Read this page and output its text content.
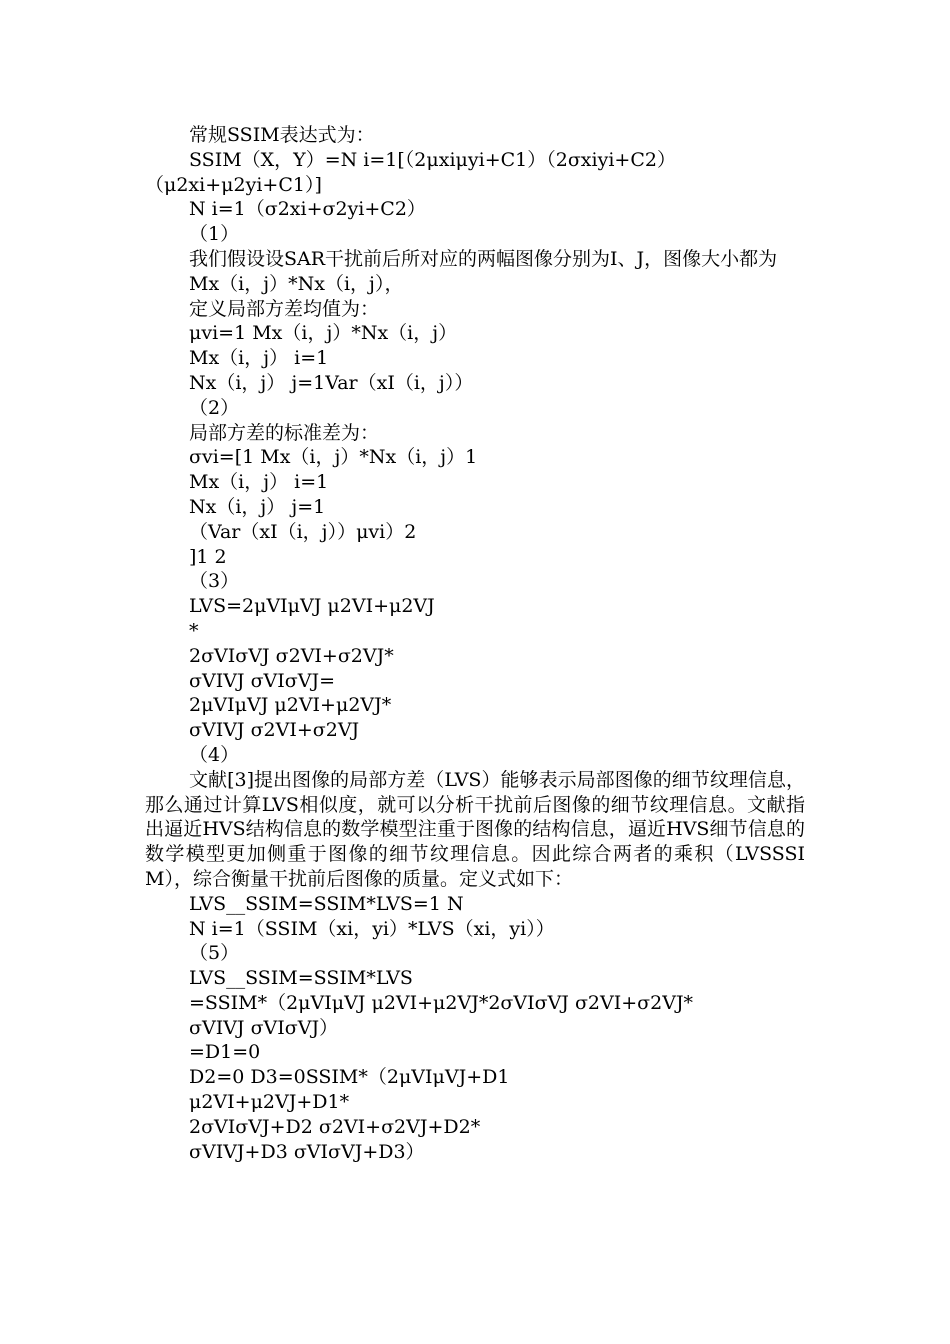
常规SSIM表达式为：
SSIM（X，Y）=N i=1[（2μxiμyi+C1）（2σxiyi+C2）
（μ2xi+μ2yi+C1）]
N i=1（σ2xi+σ2yi+C2）
（1）
我们假设设SAR干扰前后所对应的两幅图像分别为I、J，图像大小都为
Mx（i，j）*Nx（i，j），
定义局部方差均值为：
μvi=1 Mx（i，j）*Nx（i，j）
Mx（i，j） i=1
Nx（i，j） j=1Var（xI（i，j））
（2）
局部方差的标准差为：
σvi=[1 Mx（i，j）*Nx（i，j）1
Mx（i，j） i=1
Nx（i，j） j=1
（Var（xI（i，j））μvi）2
]1 2
（3）
LVS=2μVIμVJ μ2VI+μ2VJ
*
2σVIσVJ σ2VI+σ2VJ*
σVIVJ σVIσVJ=
2μVIμVJ μ2VI+μ2VJ*
σVIVJ σ2VI+σ2VJ
（4）
文献[3]提出图像的局部方差（LVS）能够表示局部图像的细节纹理信息，那么通过计算LVS相似度，就可以分析干扰前后图像的细节纹理信息。文献指出逼近HVS结构信息的数学模型注重于图像的结构信息，逼近HVS细节信息的数学模型更加侧重于图像的细节纹理信息。因此综合两者的乘积（LVSSSIM），综合衡量干扰前后图像的质量。定义式如下：
LVS__SSIM=SSIM*LVS=1 N
N i=1（SSIM（xi，yi）*LVS（xi，yi））
（5）
LVS__SSIM=SSIM*LVS
=SSIM*（2μVIμVJ μ2VI+μ2VJ*2σVIσVJ σ2VI+σ2VJ*
σVIVJ σVIσVJ）
=D1=0
D2=0 D3=0SSIM*（2μVIμVJ+D1
μ2VI+μ2VJ+D1*
2σVIσVJ+D2 σ2VI+σ2VJ+D2*
σVIVJ+D3 σVIσVJ+D3）
